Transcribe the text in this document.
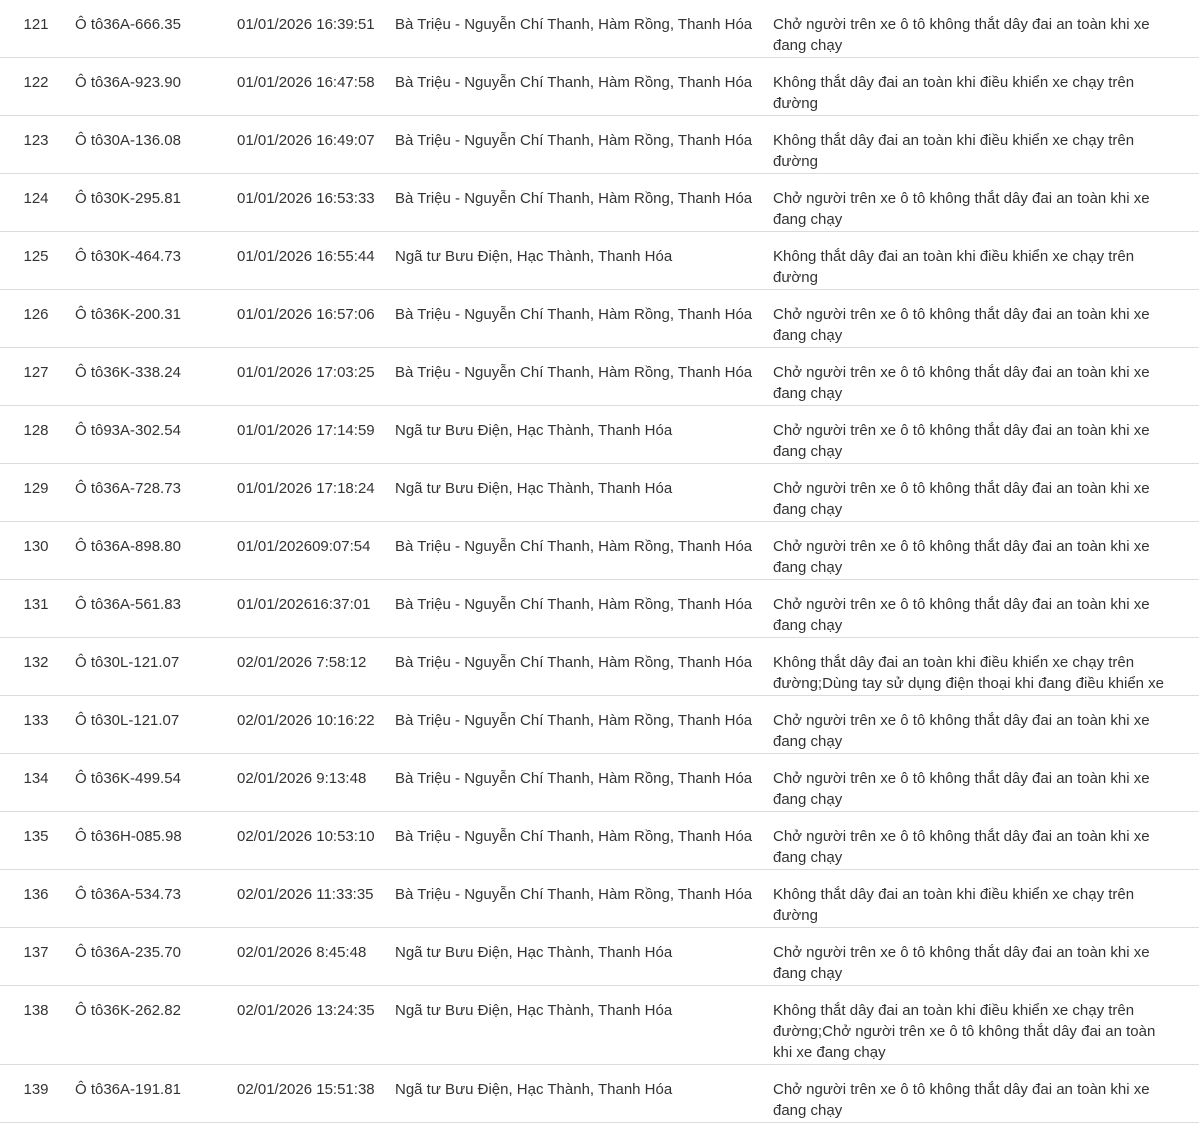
121	Ô tô36A-666.35	01/01/2026 16:39:51	Bà Triệu - Nguyễn Chí Thanh, Hàm Rồng, Thanh Hóa	Chở người trên xe ô tô không thắt dây đai an toàn khi xe đang chạy
122	Ô tô36A-923.90	01/01/2026 16:47:58	Bà Triệu - Nguyễn Chí Thanh, Hàm Rồng, Thanh Hóa	Không thắt dây đai an toàn khi điều khiển xe chạy trên đường
123	Ô tô30A-136.08	01/01/2026 16:49:07	Bà Triệu - Nguyễn Chí Thanh, Hàm Rồng, Thanh Hóa	Không thắt dây đai an toàn khi điều khiển xe chạy trên đường
124	Ô tô30K-295.81	01/01/2026 16:53:33	Bà Triệu - Nguyễn Chí Thanh, Hàm Rồng, Thanh Hóa	Chở người trên xe ô tô không thắt dây đai an toàn khi xe đang chạy
125	Ô tô30K-464.73	01/01/2026 16:55:44	Ngã tư Bưu Điện, Hạc Thành, Thanh Hóa	Không thắt dây đai an toàn khi điều khiển xe chạy trên đường
126	Ô tô36K-200.31	01/01/2026 16:57:06	Bà Triệu - Nguyễn Chí Thanh, Hàm Rồng, Thanh Hóa	Chở người trên xe ô tô không thắt dây đai an toàn khi xe đang chạy
127	Ô tô36K-338.24	01/01/2026 17:03:25	Bà Triệu - Nguyễn Chí Thanh, Hàm Rồng, Thanh Hóa	Chở người trên xe ô tô không thắt dây đai an toàn khi xe đang chạy
128	Ô tô93A-302.54	01/01/2026 17:14:59	Ngã tư Bưu Điện, Hạc Thành, Thanh Hóa	Chở người trên xe ô tô không thắt dây đai an toàn khi xe đang chạy
129	Ô tô36A-728.73	01/01/2026 17:18:24	Ngã tư Bưu Điện, Hạc Thành, Thanh Hóa	Chở người trên xe ô tô không thắt dây đai an toàn khi xe đang chạy
130	Ô tô36A-898.80	01/01/202609:07:54	Bà Triệu - Nguyễn Chí Thanh, Hàm Rồng, Thanh Hóa	Chở người trên xe ô tô không thắt dây đai an toàn khi xe đang chạy
131	Ô tô36A-561.83	01/01/202616:37:01	Bà Triệu - Nguyễn Chí Thanh, Hàm Rồng, Thanh Hóa	Chở người trên xe ô tô không thắt dây đai an toàn khi xe đang chạy
132	Ô tô30L-121.07	02/01/2026 7:58:12	Bà Triệu - Nguyễn Chí Thanh, Hàm Rồng, Thanh Hóa	Không thắt dây đai an toàn khi điều khiển xe chạy trên đường;Dùng tay sử dụng điện thoại khi đang điều khiển xe
133	Ô tô30L-121.07	02/01/2026 10:16:22	Bà Triệu - Nguyễn Chí Thanh, Hàm Rồng, Thanh Hóa	Chở người trên xe ô tô không thắt dây đai an toàn khi xe đang chạy
134	Ô tô36K-499.54	02/01/2026 9:13:48	Bà Triệu - Nguyễn Chí Thanh, Hàm Rồng, Thanh Hóa	Chở người trên xe ô tô không thắt dây đai an toàn khi xe đang chạy
135	Ô tô36H-085.98	02/01/2026 10:53:10	Bà Triệu - Nguyễn Chí Thanh, Hàm Rồng, Thanh Hóa	Chở người trên xe ô tô không thắt dây đai an toàn khi xe đang chạy
136	Ô tô36A-534.73	02/01/2026 11:33:35	Bà Triệu - Nguyễn Chí Thanh, Hàm Rồng, Thanh Hóa	Không thắt dây đai an toàn khi điều khiển xe chạy trên đường
137	Ô tô36A-235.70	02/01/2026 8:45:48	Ngã tư Bưu Điện, Hạc Thành, Thanh Hóa	Chở người trên xe ô tô không thắt dây đai an toàn khi xe đang chạy
138	Ô tô36K-262.82	02/01/2026 13:24:35	Ngã tư Bưu Điện, Hạc Thành, Thanh Hóa	Không thắt dây đai an toàn khi điều khiển xe chạy trên đường;Chở người trên xe ô tô không thắt dây đai an toàn khi xe đang chạy
139	Ô tô36A-191.81	02/01/2026 15:51:38	Ngã tư Bưu Điện, Hạc Thành, Thanh Hóa	Chở người trên xe ô tô không thắt dây đai an toàn khi xe đang chạy
